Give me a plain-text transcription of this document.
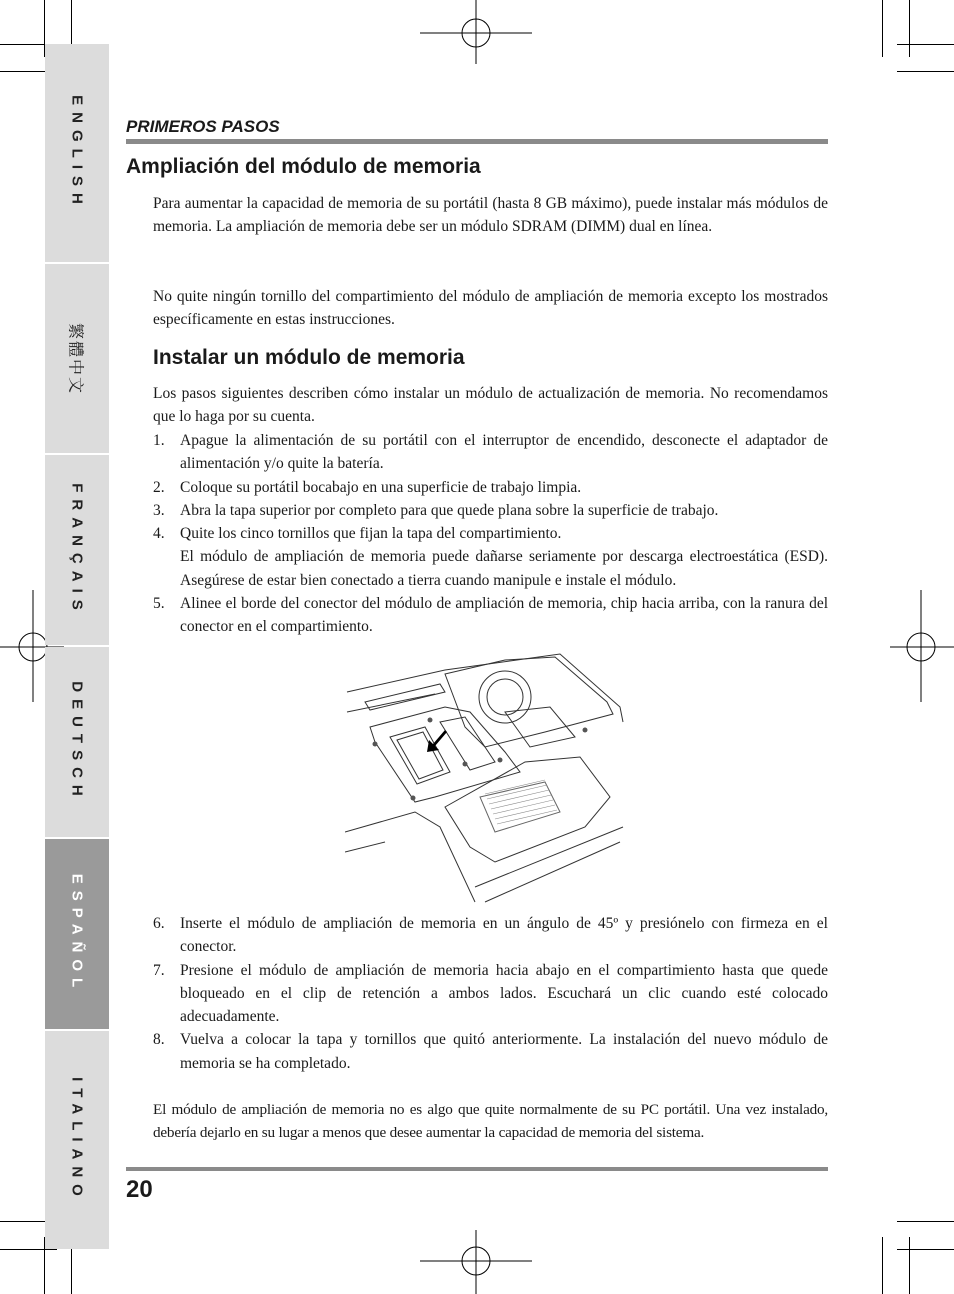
ENGLISH
繁體中文
FRANÇAIS
DEUTSCH
ESPAÑOL
ITALIANO
PRIMEROS PASOS
Ampliación del módulo de memoria

Para aumentar la capacidad de memoria de su portátil (hasta 8 GB máximo), puede instalar más módulos de memoria. La ampliación de memoria debe ser un módulo SDRAM (DIMM) dual en línea.

No quite ningún tornillo del compartimiento del módulo de ampliación de memoria excepto los mostrados específicamente en estas instrucciones.

Instalar un módulo de memoria

Los pasos siguientes describen cómo instalar un módulo de actualización de memoria. No recomendamos que lo haga por su cuenta.

1. Apague la alimentación de su portátil con el interruptor de encendido, desconecte el adaptador de alimentación y/o quite la batería.
2. Coloque su portátil bocabajo en una superficie de trabajo limpia.
3. Abra la tapa superior por completo para que quede plana sobre la superficie de trabajo.
4. Quite los cinco tornillos que fijan la tapa del compartimiento.
El módulo de ampliación de memoria puede dañarse seriamente por descarga electroestática (ESD). Asegúrese de estar bien conectado a tierra cuando manipule e instale el módulo.
5. Alinee el borde del conector del módulo de ampliación de memoria, chip hacia arriba, con la ranura del conector en el compartimiento.
6. Inserte el módulo de ampliación de memoria en un ángulo de 45º y presiónelo con firmeza en el conector.
7. Presione el módulo de ampliación de memoria hacia abajo en el compartimiento hasta que quede bloqueado en el clip de retención a ambos lados. Escuchará un clic cuando esté colocado adecuadamente.
8. Vuelva a colocar la tapa y tornillos que quitó anteriormente. La instalación del nuevo módulo de memoria se ha completado.

El módulo de ampliación de memoria no es algo que quite normalmente de su PC portátil. Una vez instalado, debería dejarlo en su lugar a menos que desee aumentar la capacidad de memoria del sistema.

20
